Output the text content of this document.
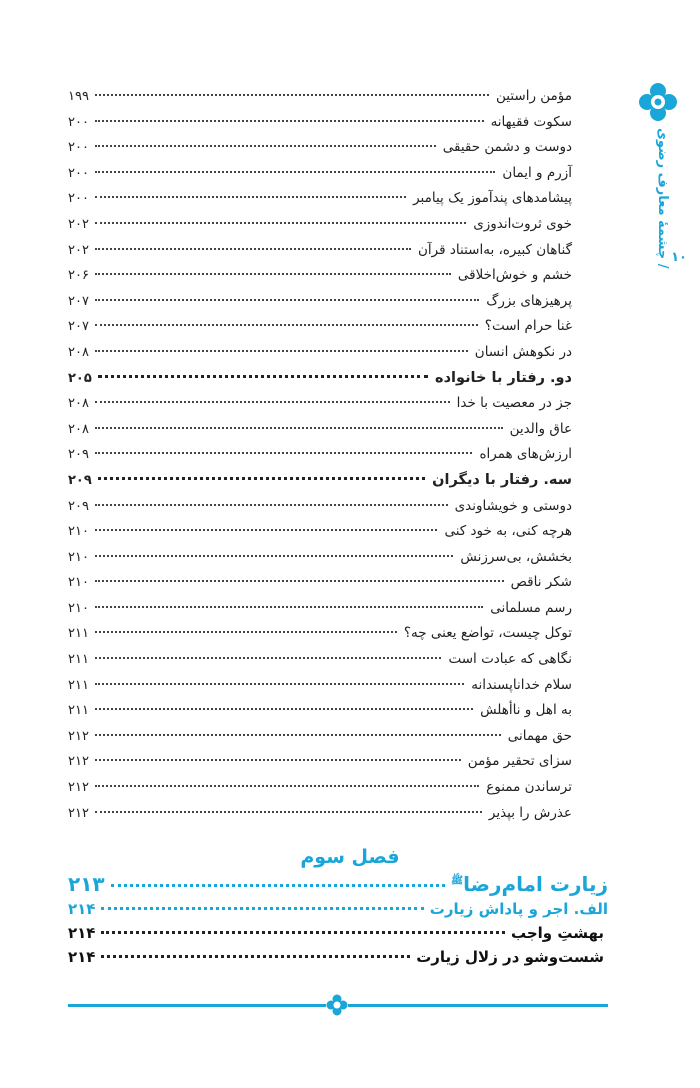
چشمهٔ معارف رضوی / ۱۰
مؤمن راستین
۱۹۹
سکوت فقیهانه
۲۰۰
دوست و دشمن حقیقی
۲۰۰
آزرم و ایمان
۲۰۰
پیشامدهای پندآموز یک پیامبر
۲۰۰
خوی ثروت‌اندوزی
۲۰۲
گناهان کبیره، به‌استناد قرآن
۲۰۲
خشم و خوش‌اخلاقی
۲۰۶
پرهیزهای بزرگ
۲۰۷
غنا حرام است؟
۲۰۷
در نکوهش انسان
۲۰۸
دو. رفتار با خانواده
۲۰۵
جز در معصیت با خدا
۲۰۸
عاق والدین
۲۰۸
ارزش‌های همراه
۲۰۹
سه. رفتار با دیگران
۲۰۹
دوستی و خویشاوندی
۲۰۹
هرچه کنی، به خود کنی
۲۱۰
بخشش، بی‌سرزنش
۲۱۰
شکر ناقص
۲۱۰
رسم مسلمانی
۲۱۰
توکل چیست، تواضع یعنی چه؟
۲۱۱
نگاهی که عبادت است
۲۱۱
سلام خداناپسندانه
۲۱۱
به اهل و ناأهلش
۲۱۱
حق مهمانی
۲۱۲
سزای تحقیر مؤمن
۲۱۲
ترساندن ممنوع
۲۱۲
عذرش را بپذیر
۲۱۲
فصل سوم
زیارت امام‌رضا$^ﷺ$
۲۱۳
الف. اجر و پاداش زیارت
۲۱۴
بهشتِ واجب
۲۱۴
شست‌وشو در زلال زیارت
۲۱۴
